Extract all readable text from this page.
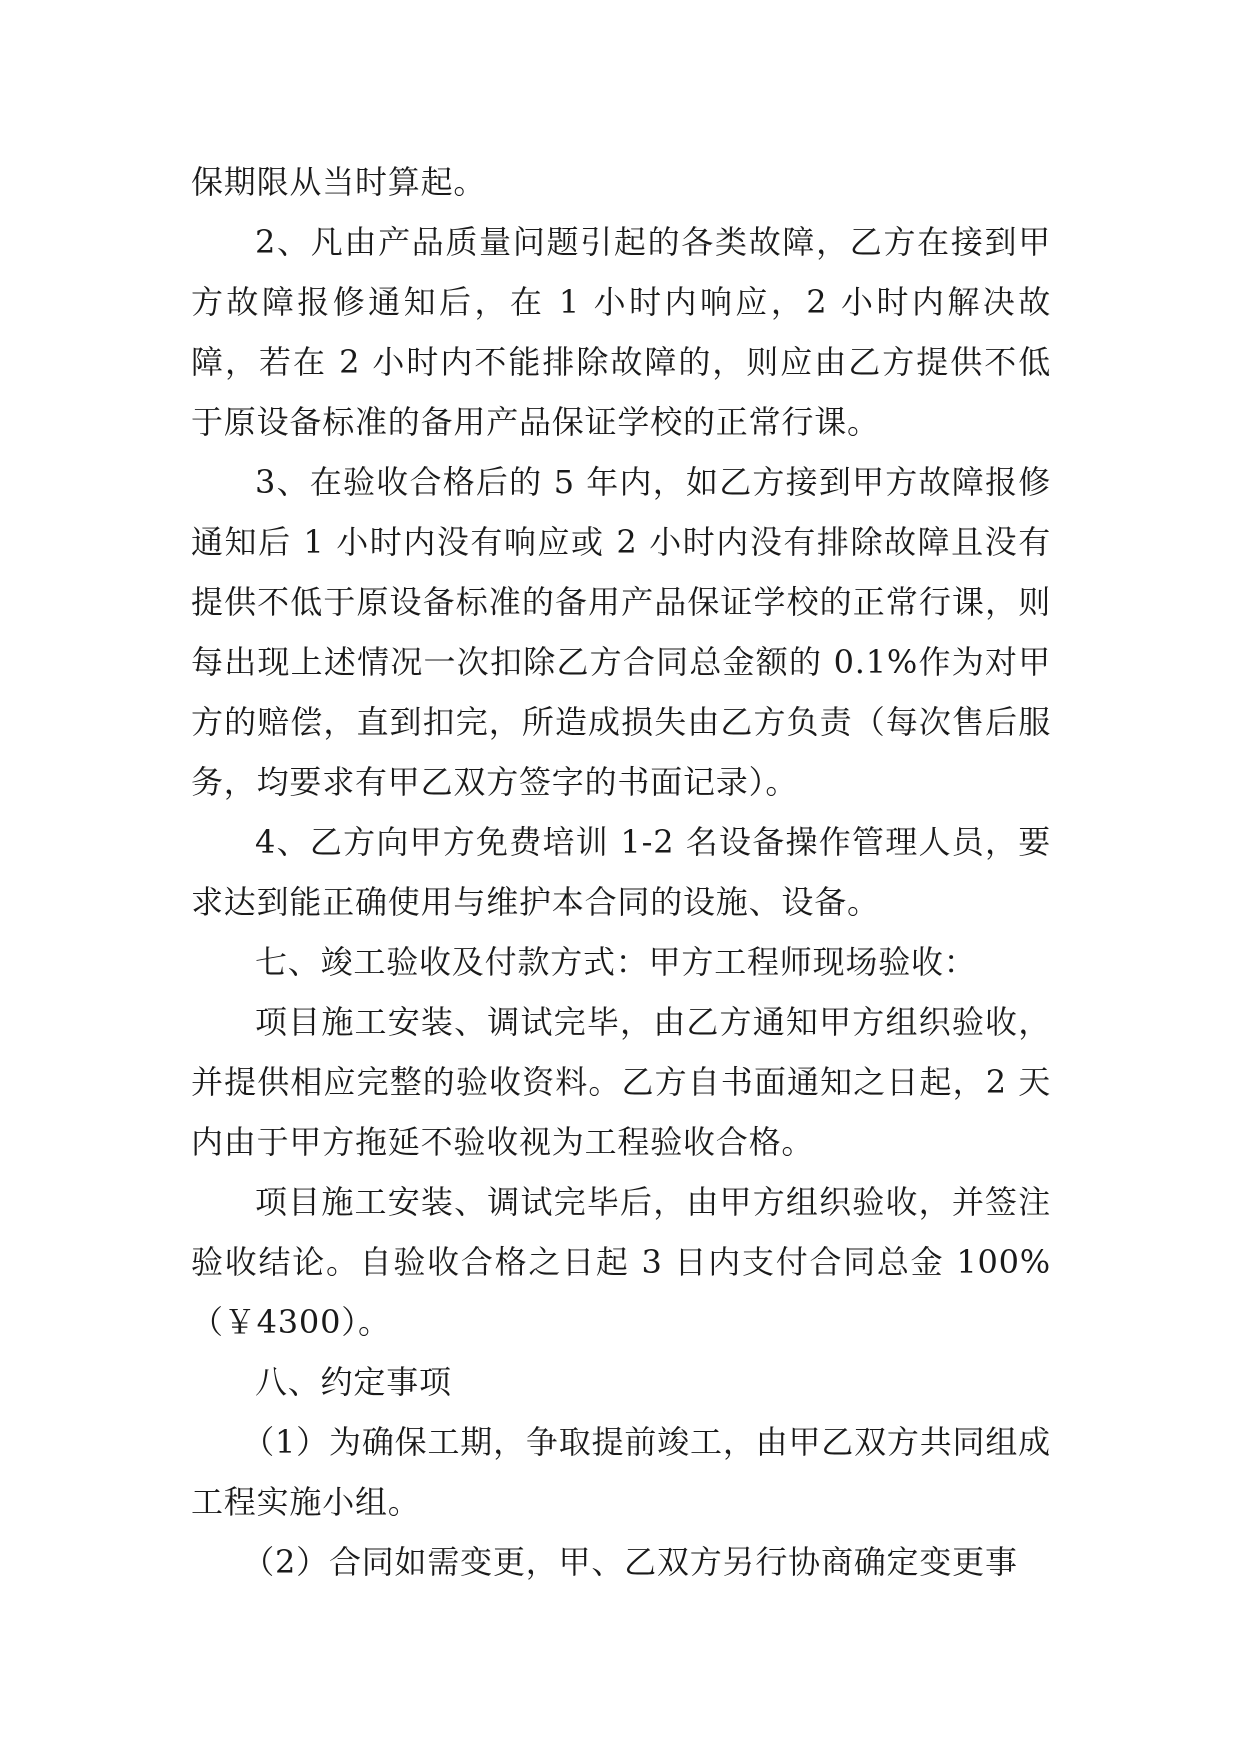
保期限从当时算起。

2、凡由产品质量问题引起的各类故障，乙方在接到甲方故障报修通知后，在 1 小时内响应，2 小时内解决故障，若在 2 小时内不能排除故障的，则应由乙方提供不低于原设备标准的备用产品保证学校的正常行课。

3、在验收合格后的 5 年内，如乙方接到甲方故障报修通知后 1 小时内没有响应或 2 小时内没有排除故障且没有提供不低于原设备标准的备用产品保证学校的正常行课，则每出现上述情况一次扣除乙方合同总金额的 0.1%作为对甲方的赔偿，直到扣完，所造成损失由乙方负责（每次售后服务，均要求有甲乙双方签字的书面记录）。

4、乙方向甲方免费培训 1-2 名设备操作管理人员，要求达到能正确使用与维护本合同的设施、设备。

七、竣工验收及付款方式：甲方工程师现场验收：

项目施工安装、调试完毕，由乙方通知甲方组织验收，并提供相应完整的验收资料。乙方自书面通知之日起，2 天内由于甲方拖延不验收视为工程验收合格。

项目施工安装、调试完毕后，由甲方组织验收，并签注验收结论。自验收合格之日起 3 日内支付合同总金 100%（￥4300）。

八、约定事项

（1）为确保工期，争取提前竣工，由甲乙双方共同组成工程实施小组。

（2）合同如需变更，甲、乙双方另行协商确定变更事
